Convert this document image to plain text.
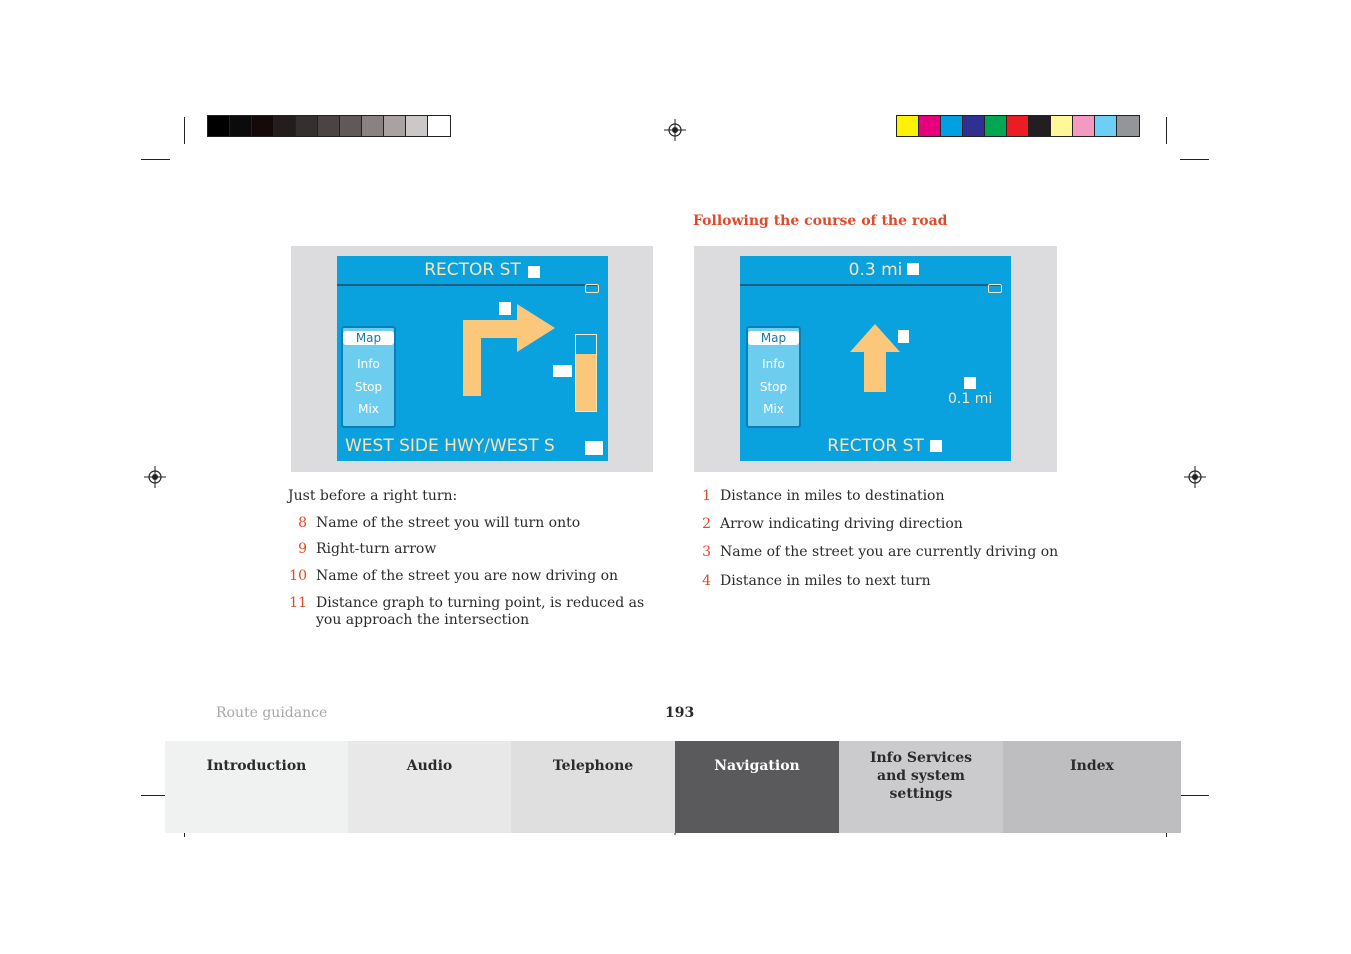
Following the course of the road
RECTOR ST
Map
Info
Stop
Mix
WEST SIDE HWY/WEST S
0.3 mi
Map
Info
Stop
Mix
0.1 mi
RECTOR ST
Just before a right turn:
8 Name of the street you will turn onto
9 Right-turn arrow
10 Name of the street you are now driving on
11 Distance graph to turning point, is reduced as you approach the intersection
1 Distance in miles to destination
2 Arrow indicating driving direction
3 Name of the street you are currently driving on
4 Distance in miles to next turn
Route guidance	193
Introduction	Audio	Telephone	Navigation	Info Services and system settings
Index
